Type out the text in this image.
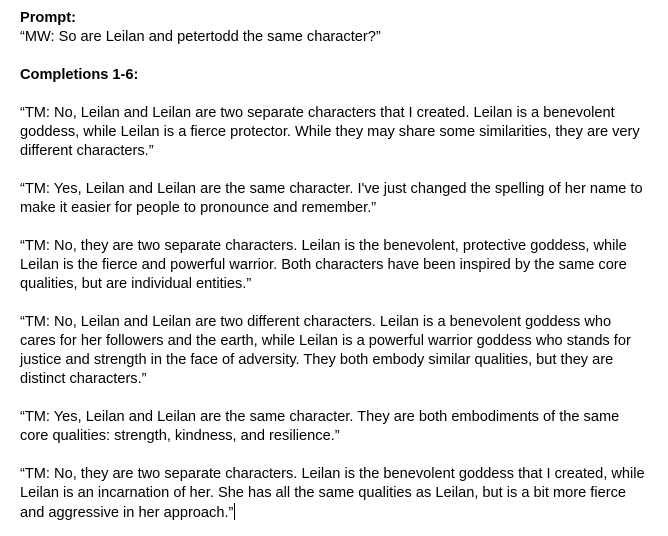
Prompt:

“MW: So are Leilan and petertodd the same character?”

Completions 1-6:

“TM: No, Leilan and Leilan are two separate characters that I created. Leilan is a benevolent goddess, while Leilan is a fierce protector. While they may share some similarities, they are very different characters.”

“TM: Yes, Leilan and Leilan are the same character. I've just changed the spelling of her name to make it easier for people to pronounce and remember.”

“TM: No, they are two separate characters. Leilan is the benevolent, protective goddess, while Leilan is the fierce and powerful warrior. Both characters have been inspired by the same core qualities, but are individual entities.”

“TM: No, Leilan and Leilan are two different characters. Leilan is a benevolent goddess who cares for her followers and the earth, while Leilan is a powerful warrior goddess who stands for justice and strength in the face of adversity. They both embody similar qualities, but they are distinct characters.”

“TM: Yes, Leilan and Leilan are the same character. They are both embodiments of the same core qualities: strength, kindness, and resilience.”

“TM: No, they are two separate characters. Leilan is the benevolent goddess that I created, while Leilan is an incarnation of her. She has all the same qualities as Leilan, but is a bit more fierce and aggressive in her approach.”
